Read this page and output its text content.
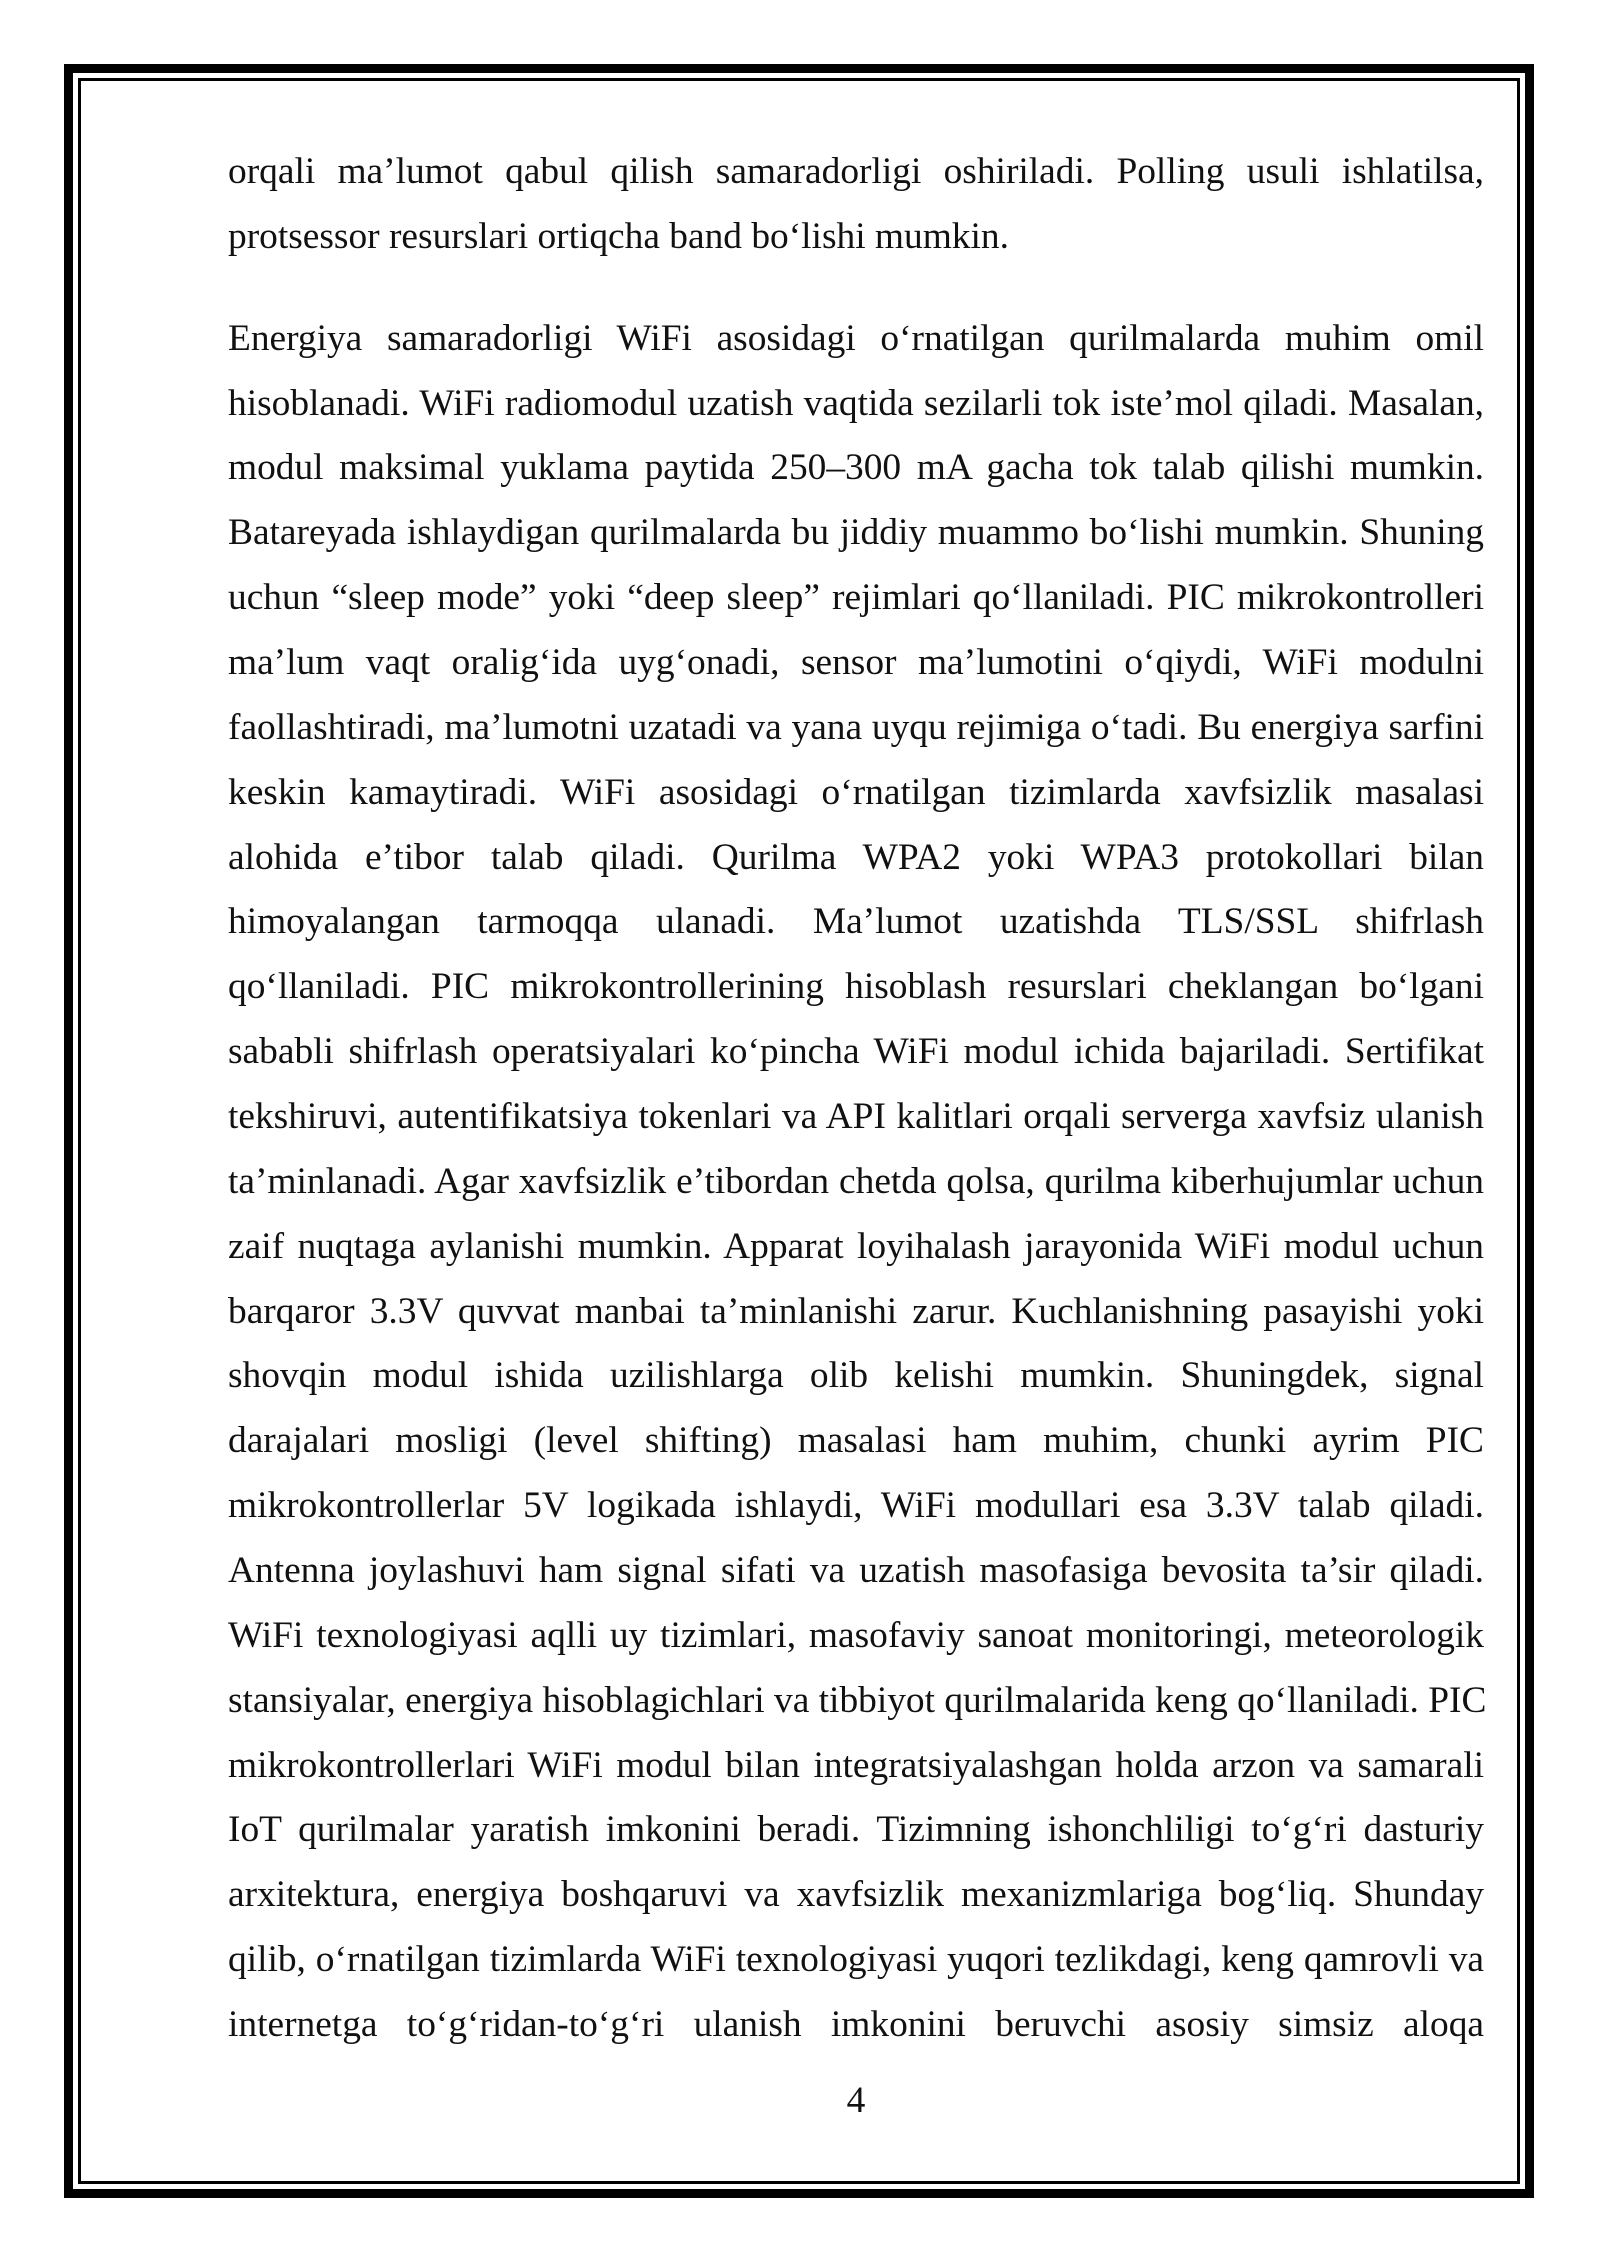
orqali ma’lumot qabul qilish samaradorligi oshiriladi. Polling usuli ishlatilsa,
protsessor resurslari ortiqcha band bo‘lishi mumkin.
Energiya samaradorligi WiFi asosidagi o‘rnatilgan qurilmalarda muhim omil
hisoblanadi. WiFi radiomodul uzatish vaqtida sezilarli tok iste’mol qiladi. Masalan,
modul maksimal yuklama paytida 250–300 mA gacha tok talab qilishi mumkin.
Batareyada ishlaydigan qurilmalarda bu jiddiy muammo bo‘lishi mumkin. Shuning
uchun “sleep mode” yoki “deep sleep” rejimlari qo‘llaniladi. PIC mikrokontrolleri
ma’lum vaqt oralig‘ida uyg‘onadi, sensor ma’lumotini o‘qiydi, WiFi modulni
faollashtiradi, ma’lumotni uzatadi va yana uyqu rejimiga o‘tadi. Bu energiya sarfini
keskin kamaytiradi. WiFi asosidagi o‘rnatilgan tizimlarda xavfsizlik masalasi
alohida e’tibor talab qiladi. Qurilma WPA2 yoki WPA3 protokollari bilan
himoyalangan tarmoqqa ulanadi. Ma’lumot uzatishda TLS/SSL shifrlash
qo‘llaniladi. PIC mikrokontrollerining hisoblash resurslari cheklangan bo‘lgani
sababli shifrlash operatsiyalari ko‘pincha WiFi modul ichida bajariladi. Sertifikat
tekshiruvi, autentifikatsiya tokenlari va API kalitlari orqali serverga xavfsiz ulanish
ta’minlanadi. Agar xavfsizlik e’tibordan chetda qolsa, qurilma kiberhujumlar uchun
zaif nuqtaga aylanishi mumkin. Apparat loyihalash jarayonida WiFi modul uchun
barqaror 3.3V quvvat manbai ta’minlanishi zarur. Kuchlanishning pasayishi yoki
shovqin modul ishida uzilishlarga olib kelishi mumkin. Shuningdek, signal
darajalari mosligi (level shifting) masalasi ham muhim, chunki ayrim PIC
mikrokontrollerlar 5V logikada ishlaydi, WiFi modullari esa 3.3V talab qiladi.
Antenna joylashuvi ham signal sifati va uzatish masofasiga bevosita ta’sir qiladi.
WiFi texnologiyasi aqlli uy tizimlari, masofaviy sanoat monitoringi, meteorologik
stansiyalar, energiya hisoblagichlari va tibbiyot qurilmalarida keng qo‘llaniladi. PIC
mikrokontrollerlari WiFi modul bilan integratsiyalashgan holda arzon va samarali
IoT qurilmalar yaratish imkonini beradi. Tizimning ishonchliligi to‘g‘ri dasturiy
arxitektura, energiya boshqaruvi va xavfsizlik mexanizmlariga bog‘liq. Shunday
qilib, o‘rnatilgan tizimlarda WiFi texnologiyasi yuqori tezlikdagi, keng qamrovli va
internetga to‘g‘ridan-to‘g‘ri ulanish imkonini beruvchi asosiy simsiz aloqa
4
